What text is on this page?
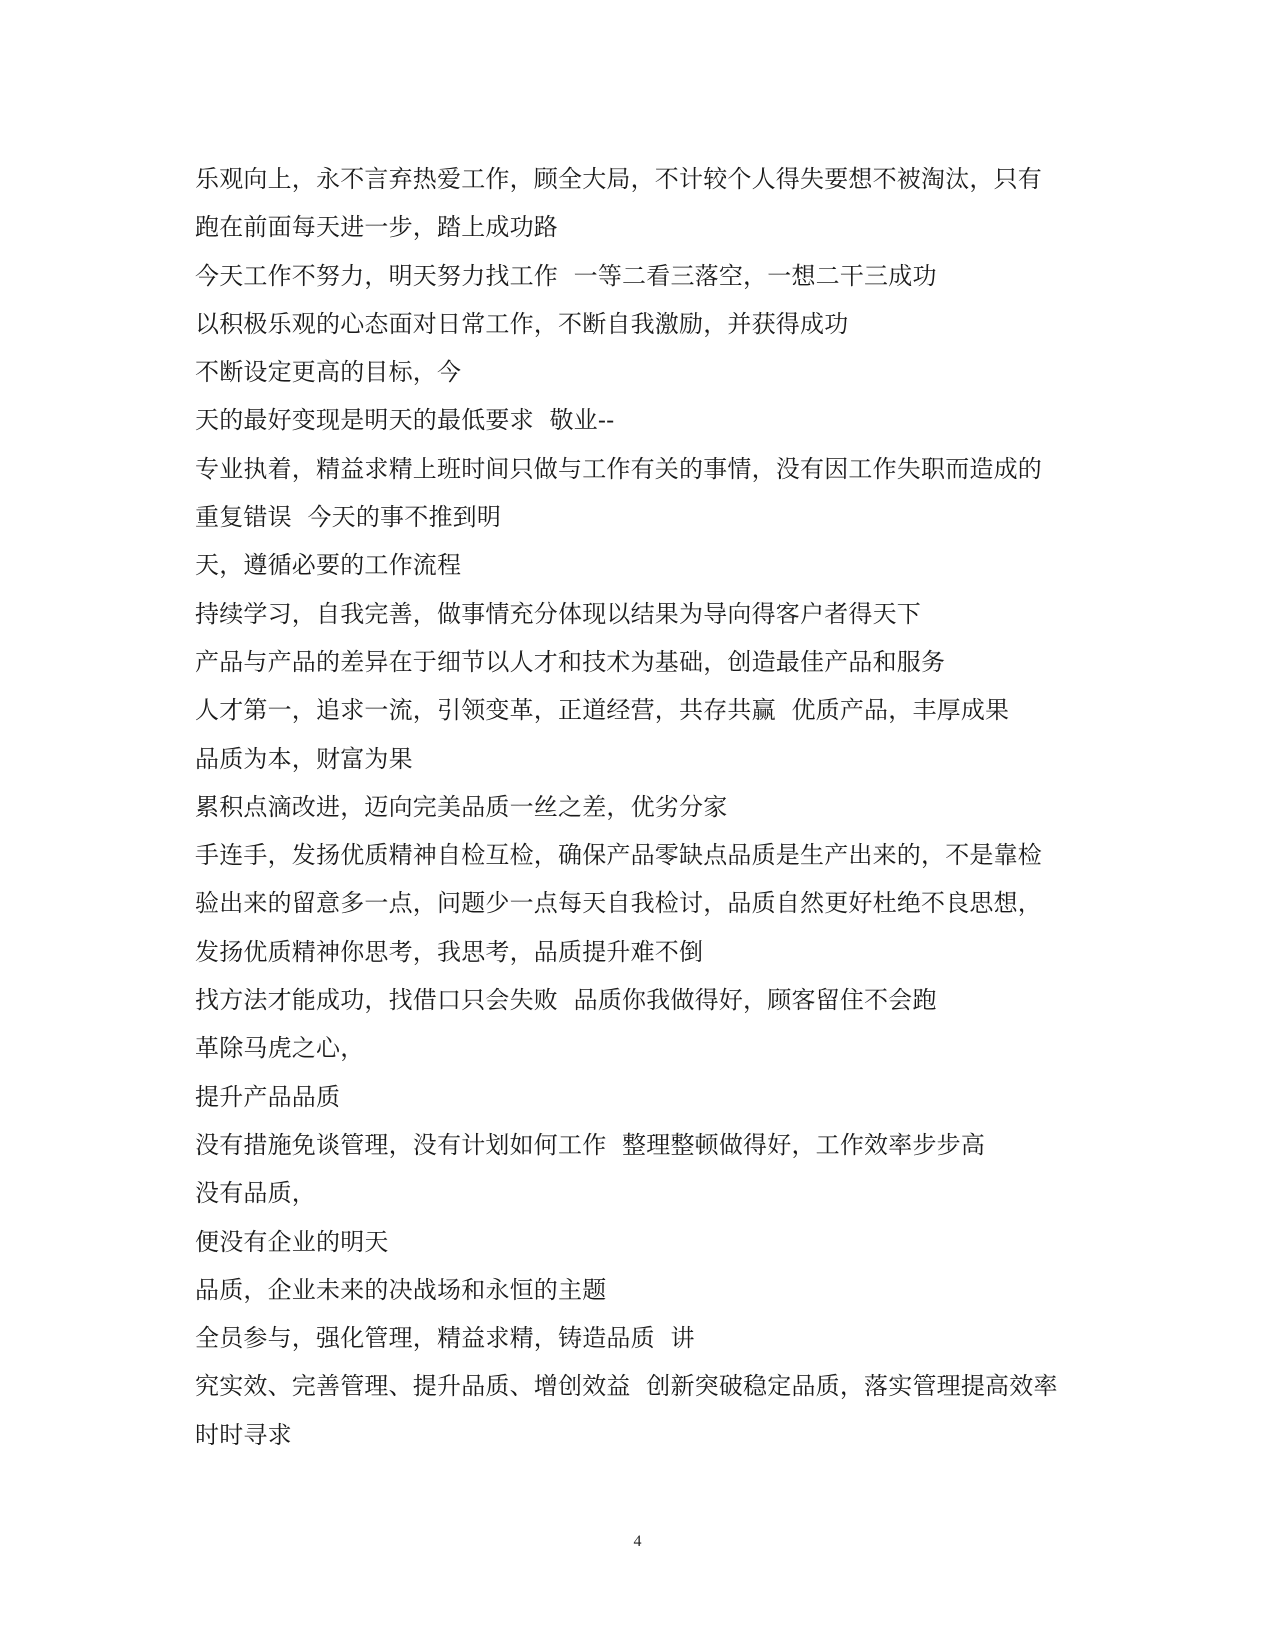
乐观向上，永不言弃热爱工作，顾全大局，不计较个人得失要想不被淘汰，只有
跑在前面每天进一步，踏上成功路
今天工作不努力，明天努力找工作  一等二看三落空，一想二干三成功
以积极乐观的心态面对日常工作，不断自我激励，并获得成功
不断设定更高的目标，今
天的最好变现是明天的最低要求  敬业--
专业执着，精益求精上班时间只做与工作有关的事情，没有因工作失职而造成的
重复错误  今天的事不推到明
天，遵循必要的工作流程
持续学习，自我完善，做事情充分体现以结果为导向得客户者得天下
产品与产品的差异在于细节以人才和技术为基础，创造最佳产品和服务
人才第一，追求一流，引领变革，正道经营，共存共赢  优质产品，丰厚成果
品质为本，财富为果
累积点滴改进，迈向完美品质一丝之差，优劣分家
手连手，发扬优质精神自检互检，确保产品零缺点品质是生产出来的，不是靠检
验出来的留意多一点，问题少一点每天自我检讨，品质自然更好杜绝不良思想，
发扬优质精神你思考，我思考，品质提升难不倒
找方法才能成功，找借口只会失败  品质你我做得好，顾客留住不会跑
革除马虎之心，
提升产品品质
没有措施免谈管理，没有计划如何工作  整理整顿做得好，工作效率步步高
没有品质，
便没有企业的明天
品质，企业未来的决战场和永恒的主题
全员参与，强化管理，精益求精，铸造品质  讲
究实效、完善管理、提升品质、增创效益  创新突破稳定品质，落实管理提高效率
时时寻求
4
